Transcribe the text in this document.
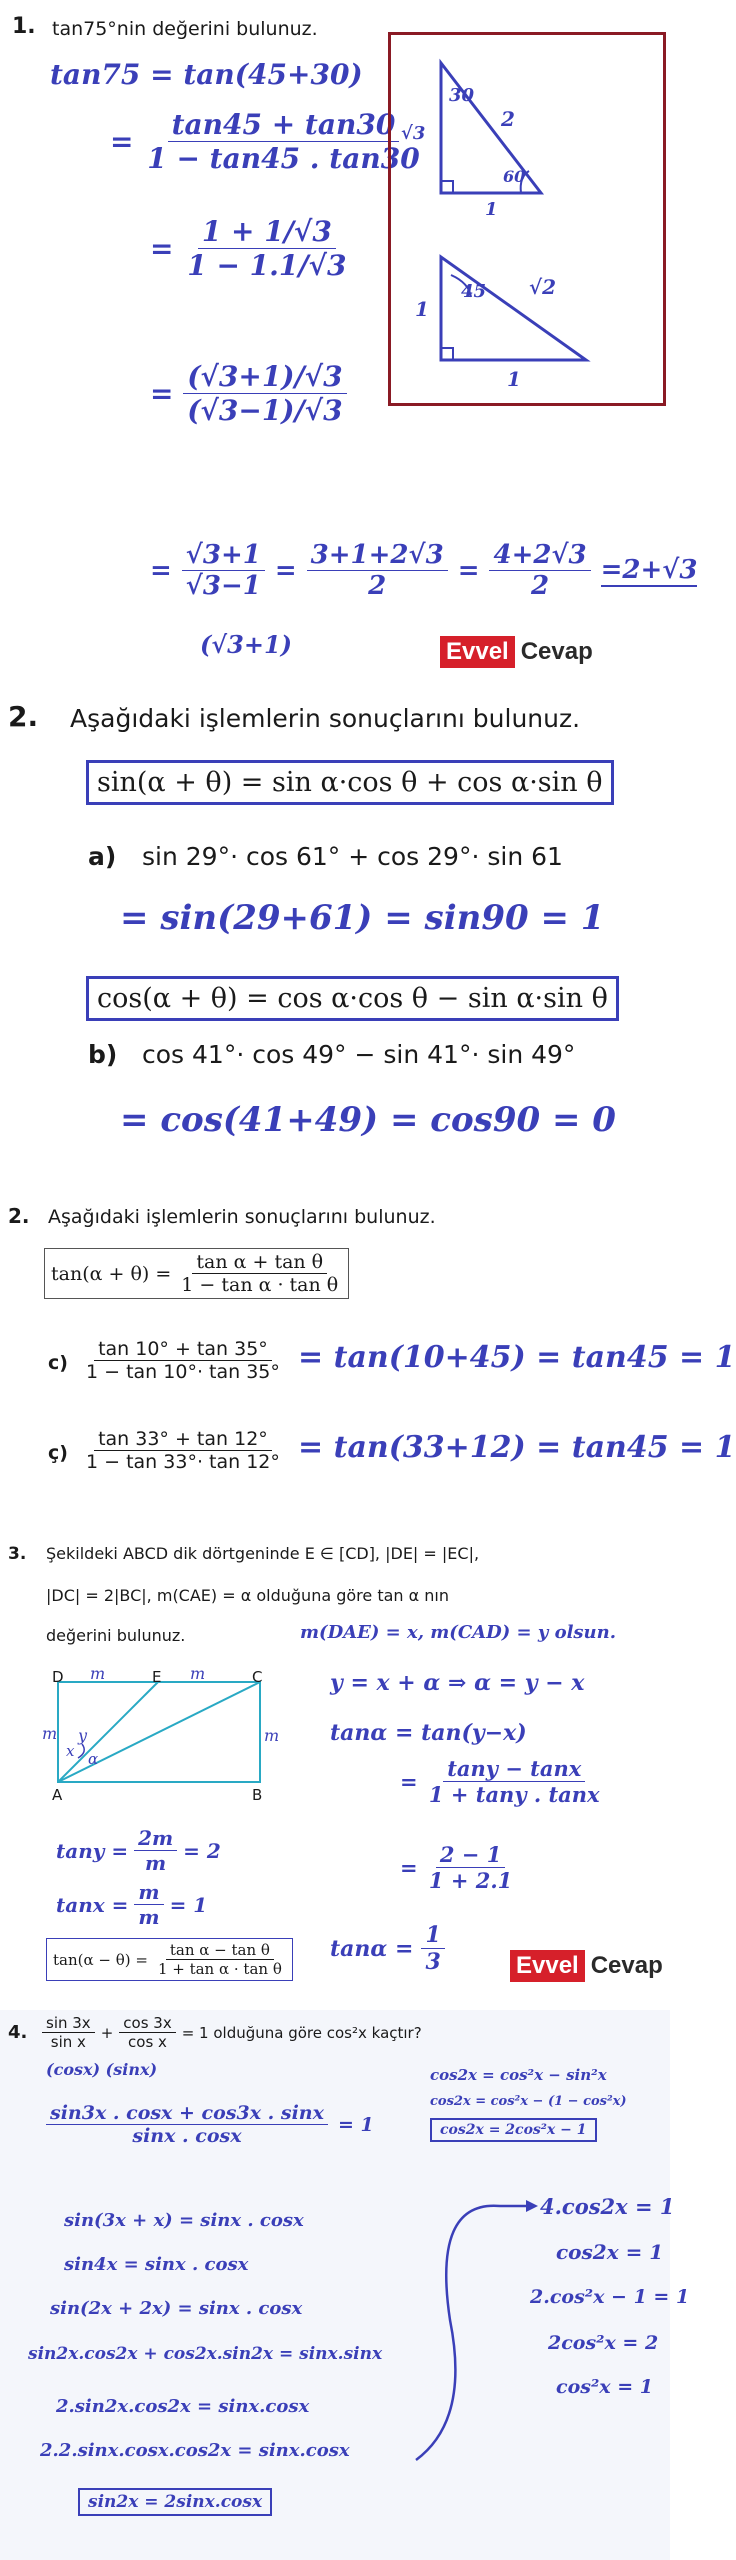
1. tan75°nin değerini bulunuz.
tan75 = tan(45+30)
= $\frac{\tan 45 + \tan 30}{1 - \tan 45 . \tan 30}$
= $\frac{1 + 1/√3}{1 - 1.1/√3}$
= $\frac{(√3+1)/√3}{(√3-1)/√3}$
= $\frac{√3+1}{√3-1} = \frac{3+1+2√3}{2} = \frac{4+2√3}{2} =2+√3$
(√3+1)
30
√3
2
60
1
45
1
√2
1
Evvel Cevap
2. Aşağıdaki işlemlerin sonuçlarını bulunuz.
sin(α + θ) = sin α·cos θ + cos α·sin θ
a) sin 29°· cos 61° + cos 29°· sin 61
= sin(29+61) = sin90 = 1
cos(α + θ) = cos α·cos θ − sin α·sin θ
b) cos 41°· cos 49° − sin 41°· sin 49°
= cos(41+49) = cos90 = 0
2. Aşağıdaki işlemlerin sonuçlarını bulunuz.
$\tan(\alpha + \theta) = \frac{\text{tan α + tan θ}}{\text{1 − tan α · tan θ}}$
$c) \frac{\tan 10^\circ + \tan 35^\circ}{1 - \tan 10^\circ\cdot \tan 35^\circ} = \tan(10+45) = \tan 45 = 1$
ç) $\frac{\tan 33^\circ + \tan 12^\circ}{1 - \tan 33^\circ\cdot \tan 12^\circ} = \tan(33+12) = \tan 45 = 1$
3. Şekildeki ABCD dik dörtgeninde E ∈ [CD], |DE| = |EC|,
|DC| = 2|BC|, m(CAE) = α olduğuna göre tan α nın
değerini bulunuz.
D	E	C
A	B
α
x
y
m	m
m	m
m(DAE) = x, m(CAD) = y olsun.
y = x + α ⇒ α = y − x
tanα = tan(y−x)
= $\frac{\tan y - \tan x}{1 + \tan y . \tan x}$
= $\frac{2 - 1}{1 + 2.1}$
$\tan\alpha = \frac{1}{3}$
$\tan y = \frac{2m}{m} = 2$
$\tan x = \frac{m}{m} = 1$
$\tan(\alpha - \theta) = \frac{\text{tan α − tan θ}}{\text{1 + tan α · tan θ}}$	Evvel Cevap
4. $\frac{\sin 3x}{\text{sin x}} + \frac{\cos 3x}{\text{cos x}} = 1$ olduğuna göre cos²x kaçtır?
(cosx) (sinx)
$\frac{\sin 3x . \cos x + \cos 3x . \sin x}{\sin x . \cos x} = 1$
sin(3x + x) = sinx . cosx
sin4x = sinx . cosx
sin(2x + 2x) = sinx . cosx
sin2x.cos2x + cos2x.sin2x = sinx.sinx
2.sin2x.cos2x = sinx.cosx
2.2.sinx.cosx.cos2x = sinx.cosx
sin2x = 2sinx.cosx
cos2x = cos²x − sin²x
cos2x = cos²x − (1 − cos²x)
cos2x = 2cos²x − 1
4.cos2x = 1
cos2x = 1
2.cos²x − 1 = 1
2cos²x = 2
cos²x = 1
